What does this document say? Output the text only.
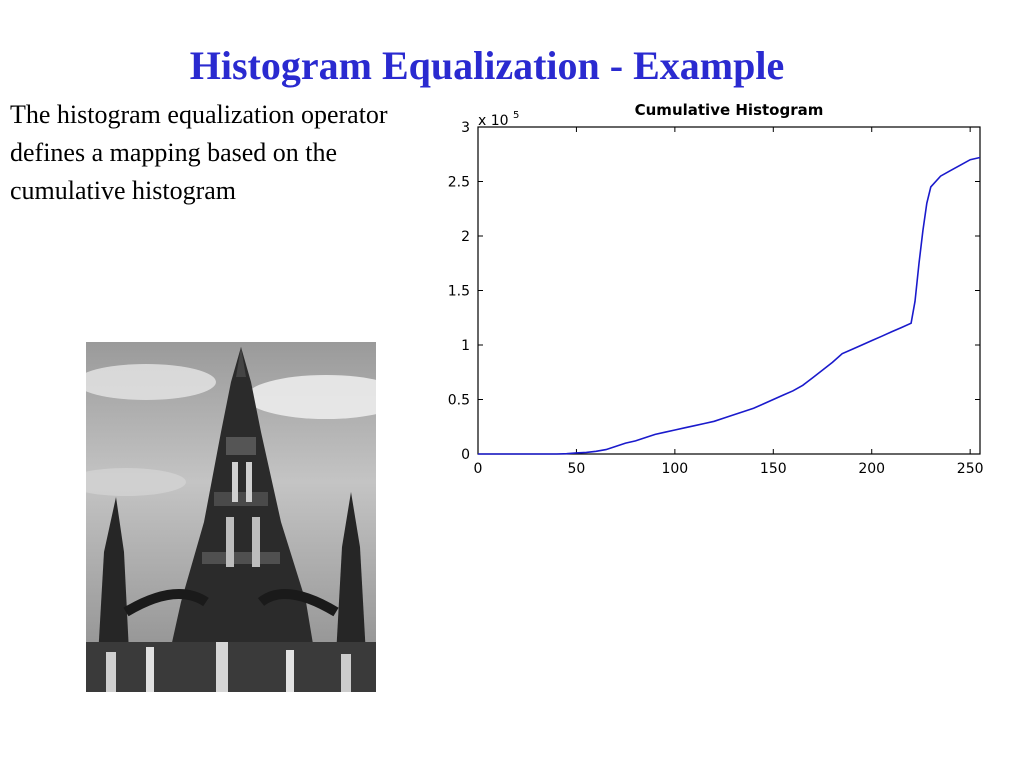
Histogram Equalization - Example
The histogram equalization operator defines a mapping based on the cumulative histogram
Cumulative Histogram
x 10 $^5$
0	50	100	150	200	250
0
0.5
1
1.5
2
2.5
3
